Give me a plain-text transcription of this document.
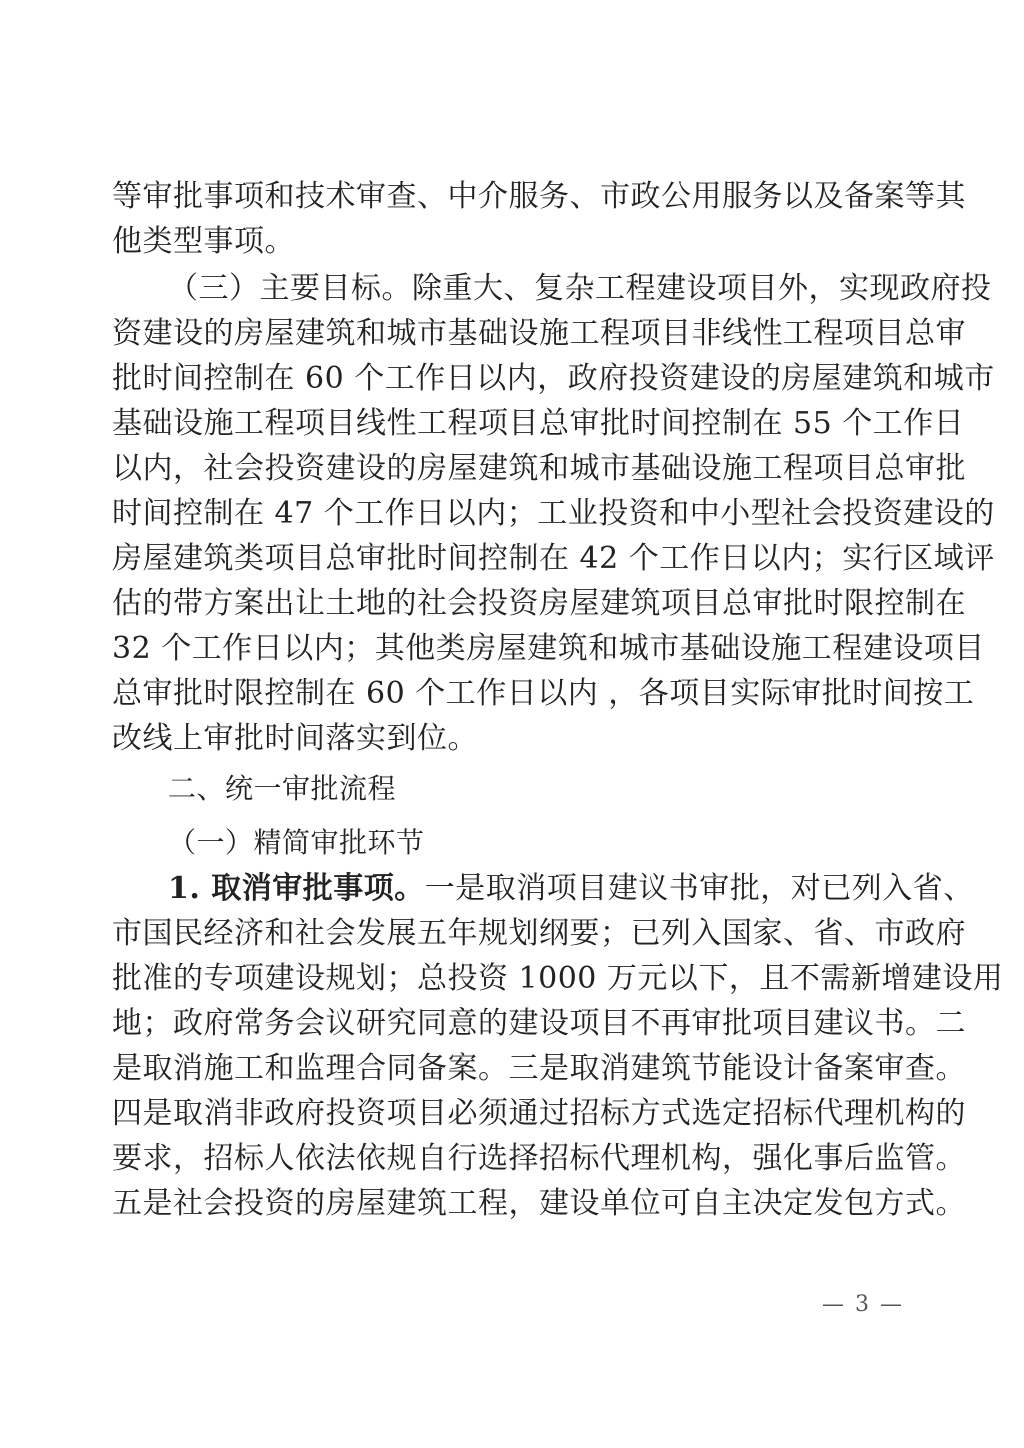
等审批事项和技术审查、中介服务、市政公用服务以及备案等其
他类型事项。
（三）主要目标。除重大、复杂工程建设项目外，实现政府投
资建设的房屋建筑和城市基础设施工程项目非线性工程项目总审
批时间控制在 60 个工作日以内，政府投资建设的房屋建筑和城市
基础设施工程项目线性工程项目总审批时间控制在 55 个工作日
以内，社会投资建设的房屋建筑和城市基础设施工程项目总审批
时间控制在 47 个工作日以内；工业投资和中小型社会投资建设的
房屋建筑类项目总审批时间控制在 42 个工作日以内；实行区域评
估的带方案出让土地的社会投资房屋建筑项目总审批时限控制在
32 个工作日以内；其他类房屋建筑和城市基础设施工程建设项目
总审批时限控制在 60 个工作日以内 ，各项目实际审批时间按工
改线上审批时间落实到位。
二、统一审批流程
（一）精简审批环节
1. 取消审批事项。一是取消项目建议书审批，对已列入省、
市国民经济和社会发展五年规划纲要；已列入国家、省、市政府
批准的专项建设规划；总投资 1000 万元以下，且不需新增建设用
地；政府常务会议研究同意的建设项目不再审批项目建议书。二
是取消施工和监理合同备案。三是取消建筑节能设计备案审查。
四是取消非政府投资项目必须通过招标方式选定招标代理机构的
要求，招标人依法依规自行选择招标代理机构，强化事后监管。
五是社会投资的房屋建筑工程，建设单位可自主决定发包方式。
— 3 —
